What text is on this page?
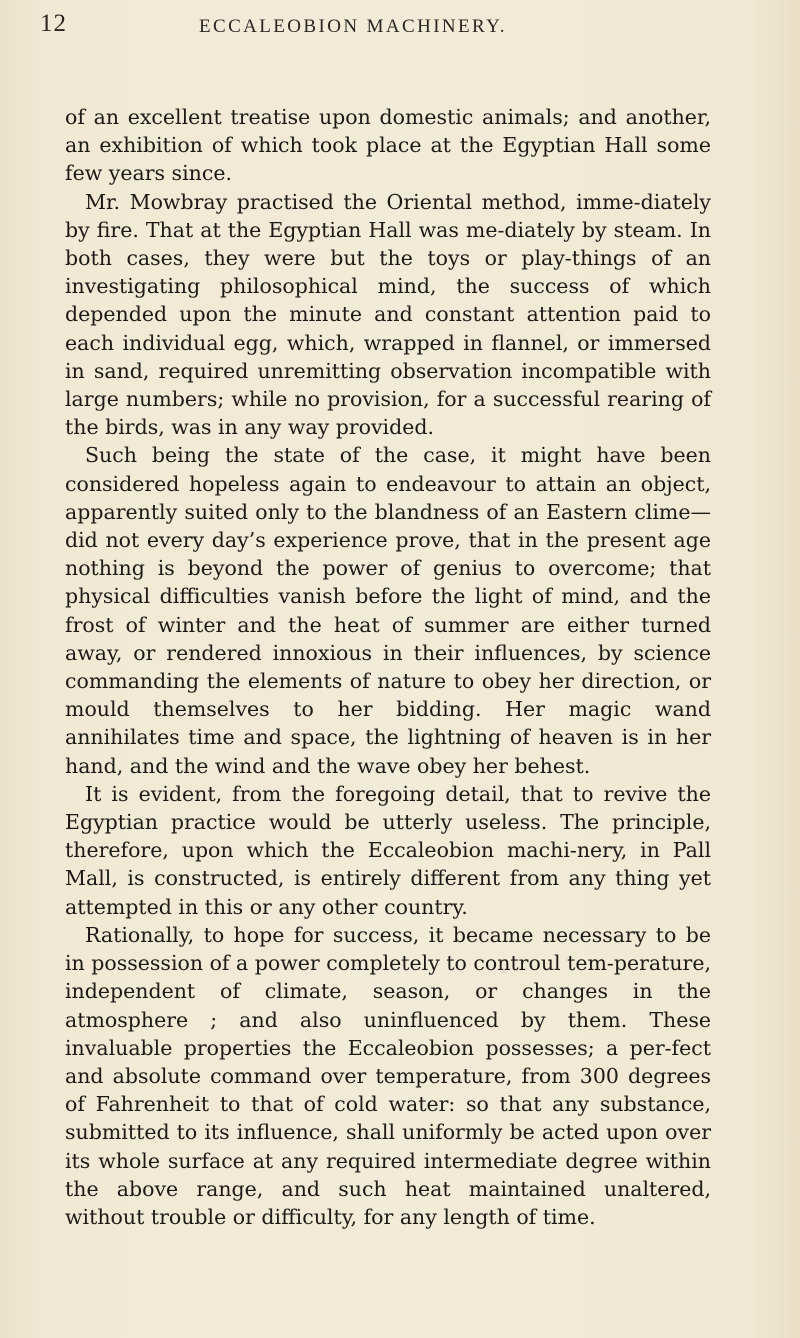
12	ECCALEOBION MACHINERY.

of an excellent treatise upon domestic animals; and another, an exhibition of which took place at the Egyptian Hall some few years since.

Mr. Mowbray practised the Oriental method, imme-diately by fire. That at the Egyptian Hall was me-diately by steam. In both cases, they were but the toys or play-things of an investigating philosophical mind, the success of which depended upon the minute and constant attention paid to each individual egg, which, wrapped in flannel, or immersed in sand, required unremitting observation incompatible with large numbers; while no provision, for a successful rearing of the birds, was in any way provided.

Such being the state of the case, it might have been considered hopeless again to endeavour to attain an object, apparently suited only to the blandness of an Eastern clime—did not every day’s experience prove, that in the present age nothing is beyond the power of genius to overcome; that physical difficulties vanish before the light of mind, and the frost of winter and the heat of summer are either turned away, or rendered innoxious in their influences, by science commanding the elements of nature to obey her direction, or mould themselves to her bidding. Her magic wand annihilates time and space, the lightning of heaven is in her hand, and the wind and the wave obey her behest.

It is evident, from the foregoing detail, that to revive the Egyptian practice would be utterly useless. The principle, therefore, upon which the Eccaleobion machi-nery, in Pall Mall, is constructed, is entirely different from any thing yet attempted in this or any other country.

Rationally, to hope for success, it became necessary to be in possession of a power completely to controul tem-perature, independent of climate, season, or changes in the atmosphere ; and also uninfluenced by them. These invaluable properties the Eccaleobion possesses; a per-fect and absolute command over temperature, from 300 degrees of Fahrenheit to that of cold water: so that any substance, submitted to its influence, shall uniformly be acted upon over its whole surface at any required intermediate degree within the above range, and such heat maintained unaltered, without trouble or difficulty, for any length of time.
